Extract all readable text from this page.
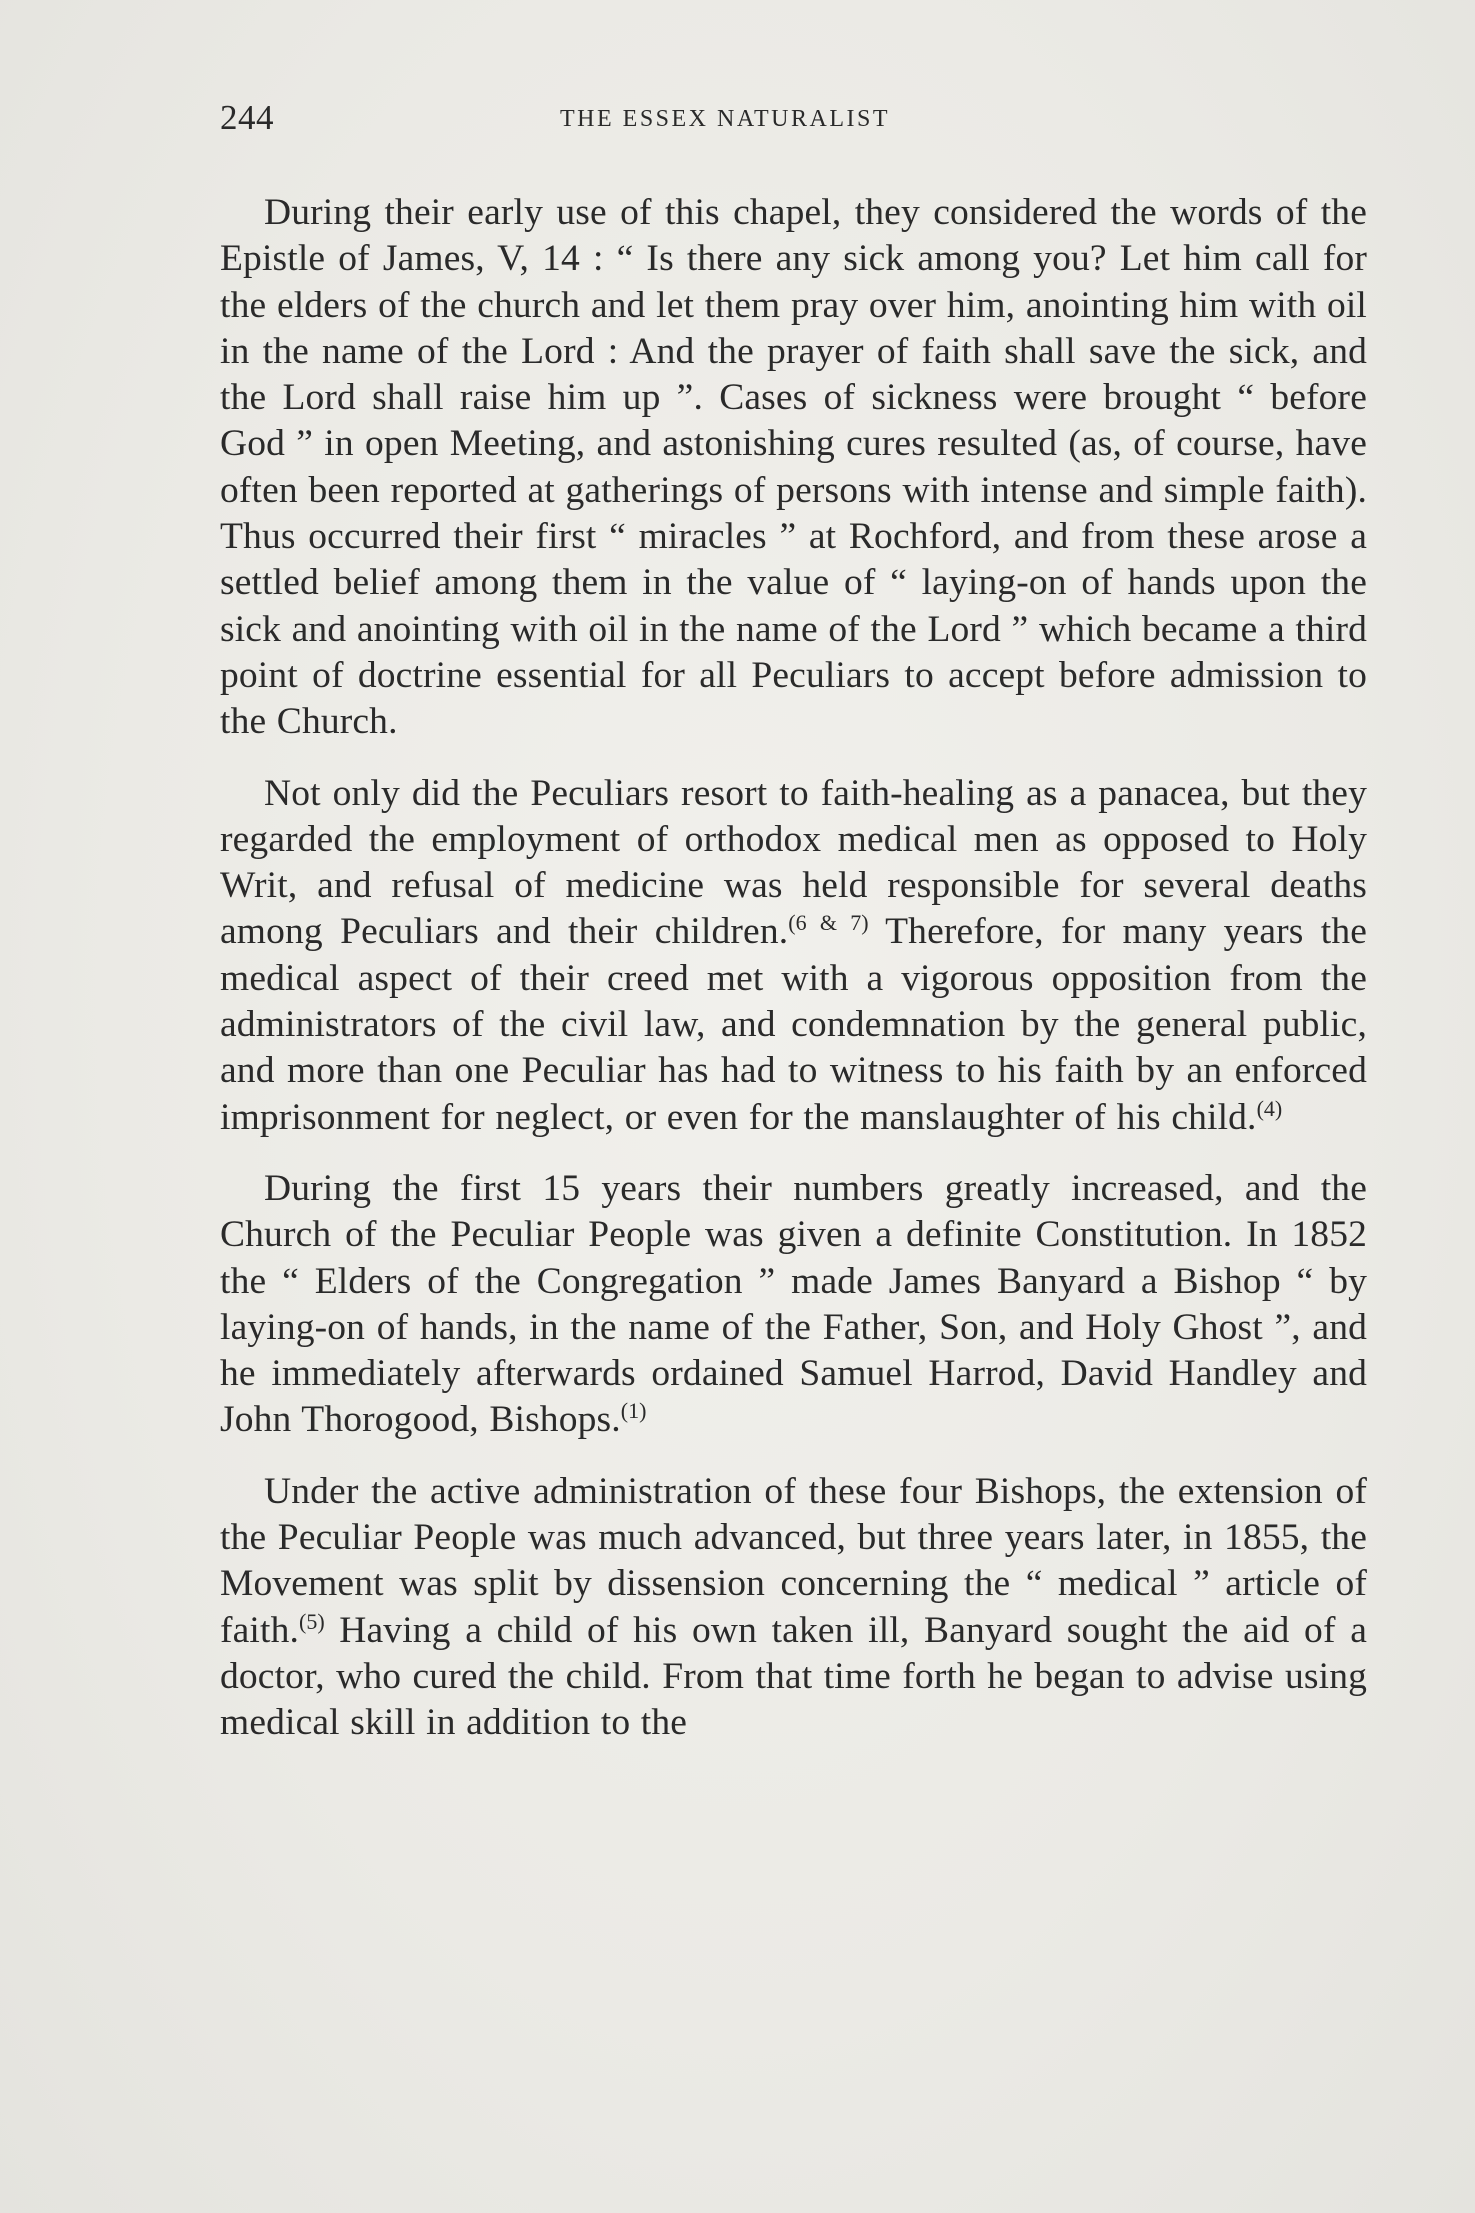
244	THE ESSEX NATURALIST

During their early use of this chapel, they considered the words of the Epistle of James, V, 14 : “ Is there any sick among you? Let him call for the elders of the church and let them pray over him, anointing him with oil in the name of the Lord : And the prayer of faith shall save the sick, and the Lord shall raise him up ”. Cases of sickness were brought “ before God ” in open Meeting, and astonishing cures resulted (as, of course, have often been reported at gatherings of persons with intense and simple faith). Thus occurred their first “ miracles ” at Rochford, and from these arose a settled belief among them in the value of “ laying-on of hands upon the sick and anointing with oil in the name of the Lord ” which became a third point of doctrine essential for all Peculiars to accept before admission to the Church.

Not only did the Peculiars resort to faith-healing as a panacea, but they regarded the employment of orthodox medical men as opposed to Holy Writ, and refusal of medicine was held responsible for several deaths among Peculiars and their children.$^{(6 \& 7)}$ Therefore, for many years the medical aspect of their creed met with a vigorous opposition from the administrators of the civil law, and condemnation by the general public, and more than one Peculiar has had to witness to his faith by an enforced imprisonment for neglect, or even for the manslaughter of his child.$^{(4)}$

During the first 15 years their numbers greatly increased, and the Church of the Peculiar People was given a definite Constitution. In 1852 the “ Elders of the Congregation ” made James Banyard a Bishop “ by laying-on of hands, in the name of the Father, Son, and Holy Ghost ”, and he immediately afterwards ordained Samuel Harrod, David Handley and John Thorogood, Bishops.$^{(1)}$

Under the active administration of these four Bishops, the extension of the Peculiar People was much advanced, but three years later, in 1855, the Movement was split by dissension concerning the “ medical ” article of faith.$^{(5)}$ Having a child of his own taken ill, Banyard sought the aid of a doctor, who cured the child. From that time forth he began to advise using medical skill in addition to the
